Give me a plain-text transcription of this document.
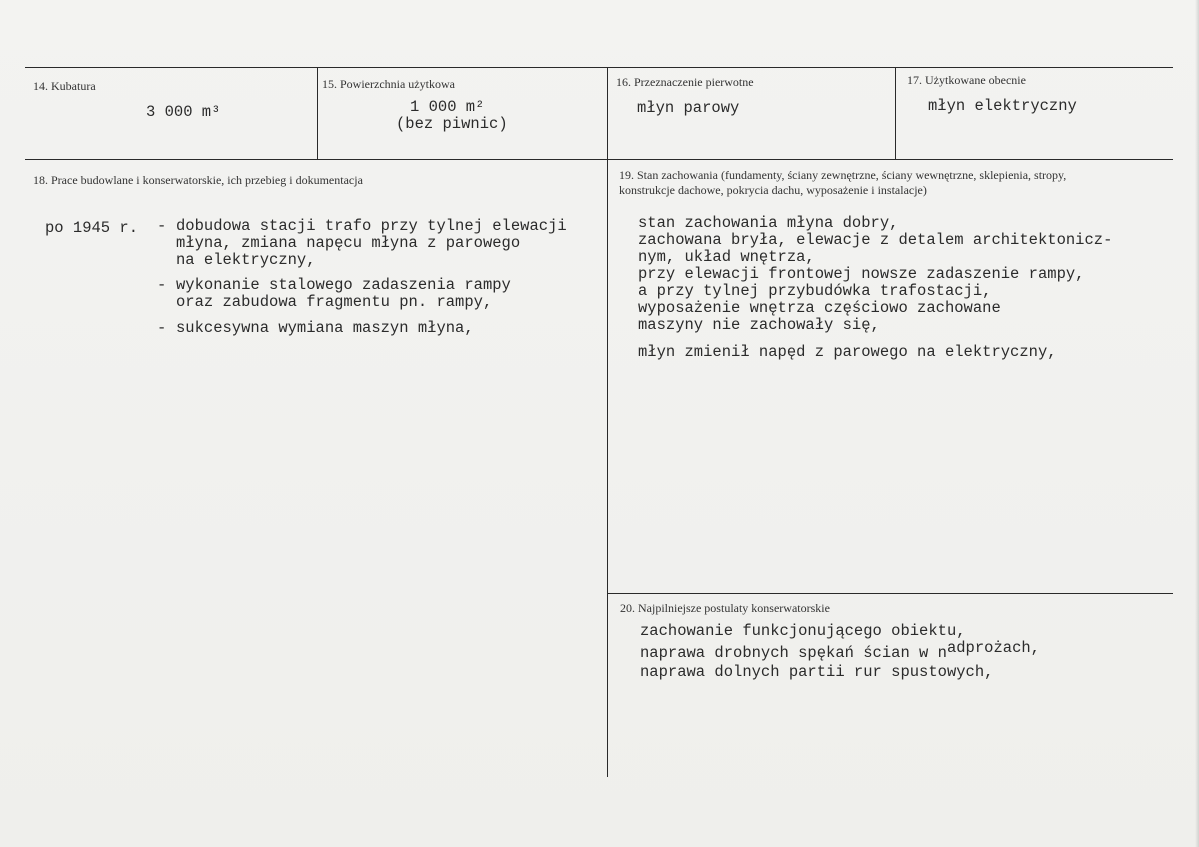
14. Kubatura
3 000 m³
15. Powierzchnia użytkowa
1 000 m²
(bez piwnic)
16. Przeznaczenie pierwotne
młyn parowy
17. Użytkowane obecnie
młyn elektryczny
18. Prace budowlane i konserwatorskie, ich przebieg i dokumentacja
po 1945 r. - dobudowa stacji trafo przy tylnej elewacji
młyna, zmiana napęcu młyna z parowego
na elektryczny,
- wykonanie stalowego zadaszenia rampy
oraz zabudowa fragmentu pn. rampy,
- sukcesywna wymiana maszyn młyna,
19. Stan zachowania (fundamenty, ściany zewnętrzne, ściany wewnętrzne, sklepienia, stropy,
konstrukcje dachowe, pokrycia dachu, wyposażenie i instalacje)
stan zachowania młyna dobry,
zachowana bryła, elewacje z detalem architektonicz-
nym, układ wnętrza,
przy elewacji frontowej nowsze zadaszenie rampy,
a przy tylnej przybudówka trafostacji,
wyposażenie wnętrza częściowo zachowane
maszyny nie zachowały się,
młyn zmienił napęd z parowego na elektryczny,
20. Najpilniejsze postulaty konserwatorskie
zachowanie funkcjonującego obiektu,
naprawa drobnych spękań ścian w nadprożach,
naprawa dolnych partii rur spustowych,
